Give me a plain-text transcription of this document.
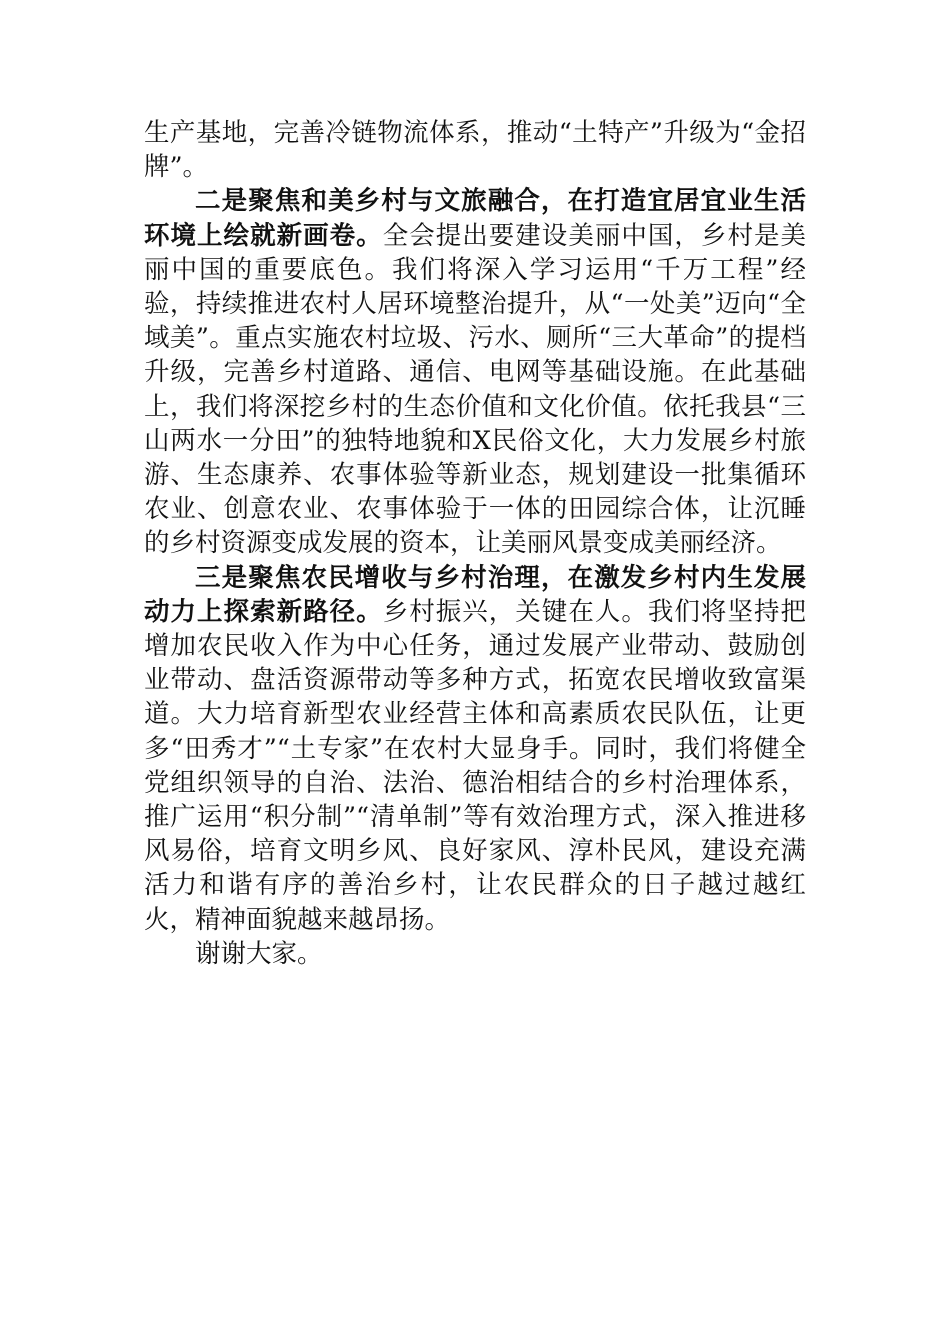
生产基地，完善冷链物流体系，推动“土特产”升级为“金招牌”。

二是聚焦和美乡村与文旅融合，在打造宜居宜业生活环境上绘就新画卷。全会提出要建设美丽中国，乡村是美丽中国的重要底色。我们将深入学习运用“千万工程”经验，持续推进农村人居环境整治提升，从“一处美”迈向“全域美”。重点实施农村垃圾、污水、厕所“三大革命”的提档升级，完善乡村道路、通信、电网等基础设施。在此基础上，我们将深挖乡村的生态价值和文化价值。依托我县“三山两水一分田”的独特地貌和X民俗文化，大力发展乡村旅游、生态康养、农事体验等新业态，规划建设一批集循环农业、创意农业、农事体验于一体的田园综合体，让沉睡的乡村资源变成发展的资本，让美丽风景变成美丽经济。

三是聚焦农民增收与乡村治理，在激发乡村内生发展动力上探索新路径。乡村振兴，关键在人。我们将坚持把增加农民收入作为中心任务，通过发展产业带动、鼓励创业带动、盘活资源带动等多种方式，拓宽农民增收致富渠道。大力培育新型农业经营主体和高素质农民队伍，让更多“田秀才”“土专家”在农村大显身手。同时，我们将健全党组织领导的自治、法治、德治相结合的乡村治理体系，推广运用“积分制”“清单制”等有效治理方式，深入推进移风易俗，培育文明乡风、良好家风、淳朴民风，建设充满活力和谐有序的善治乡村，让农民群众的日子越过越红火，精神面貌越来越昂扬。

谢谢大家。
